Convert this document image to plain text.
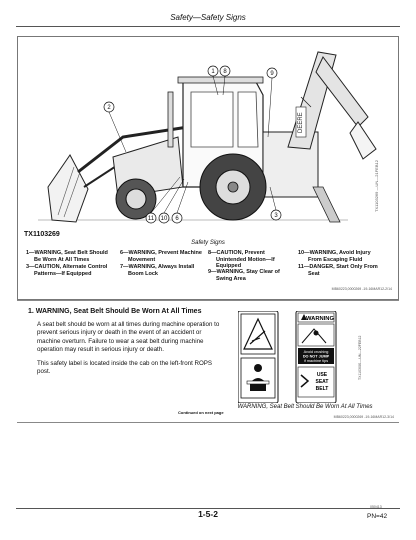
Safety—Safety Signs
DEERE
1 8	9
2
11 10 6	3
TX1103269
TX1103269 —UN—21FEB12
Safety Signs
1—WARNING, Seat Belt Should
Be Worn At All Times
3—CAUTION, Alternate Control
Patterns—If Equipped
6—WARNING, Prevent Machine
Movement
7—WARNING, Always Install
Boom Lock
8—CAUTION, Prevent
Unintended Motion—If
Equipped
9—WARNING, Stay Clear of
Swing Area
10—WARNING, Avoid Injury
From Escaping Fluid
11—DANGER, Start Only From
Seat
MB60223,0000269 -19-16MAR12-2/14
1. WARNING, Seat Belt Should Be Worn At All Times
A seat belt should be worn at all times during machine operation to prevent serious injury or death in the event of an accident or machine overturn. Failure to wear a seat belt during machine operation may result in serious injury or death.
This safety label is located inside the cab on the left-front ROPS post.
Continued on next page
WARNING
Avoid crushing
DO NOT JUMP
if machine tips
USE
SEAT
BELT
TX1103081—UN—22FEB12
WARNING, Seat Belt Should Be Worn At All Times
MB60223,0000269 -19-16MAR12-3/14
1-5-2
050413
PN=42
